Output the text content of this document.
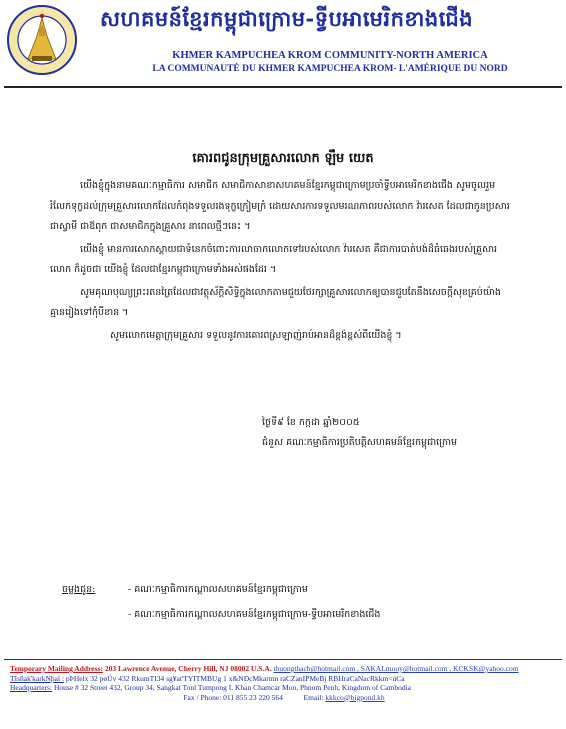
សហគមន៍ខ្មែរកម្ពុជាក្រោម-ទ្វីបអាមេរិកខាងជើង
KHMER KAMPUCHEA KROM COMMUNITY-NORTH AMERICA
LA COMMUNAUTÉ DU KHMER KAMPUCHEA KROM- L'AMÉRIQUE DU NORD
គោរពជូនក្រុមគ្រួសារលោក ឡឹម យេត

យើងខ្ញុំក្នុងនាមគណៈកម្មាធិការ សមាជិក សមាជិកាសាខាសហគមន៍ខ្មែរកម្ពុជាក្រោមប្រចាំទ្វីបអាមេរិកខាងជើង សូមចូលរួមរំលែកទុក្ខដល់ក្រុមគ្រួសារលោកដែលកំពុងទទួលរងទុក្ខក្រៀមក្រំ ដោយសារការទទួលមរណភាពរបស់លោក វ៉ារសេត ដែលជាកូនប្រសារ ជាស្វាមី ជាឪពុក ជាសមាជិកក្នុងគ្រួសារ នាពេលថ្មីៗនេះ ។

យើងខ្ញុំ មានការសោកស្ដាយជាទំនេកចំពោះការលាចាកលោកទៅរបស់លោក វ៉ារសេត គឺជាការបាត់បង់ដ៏ធំធេងរបស់គ្រួសារលោក ក៏ដូចជា យើងខ្ញុំ ដែលជាខ្មែរកម្ពុជាក្រោមទាំងអស់ផងដែរ ។

សូមគុណបុណ្យព្រះរតនត្រៃដែលជាវត្ថុស័ក្តិសិទ្ធិក្នុងលោកតាមជួយថែរក្សាគ្រួសារលោកឲ្យបានជួបតែនឹងសេចក្តីសុខគ្រប់យ៉ាងគ្មានរៀងទៅកុំបីខាន ។

សូមលោកមេត្តាក្រុមគ្រួសារ ទទួលនូវការគោរពស្រឡាញ់រាប់អានដ៏ខ្ពង់ខ្ពស់ពីយើងខ្ញុំ ។

ថ្ងៃទី៩ ខែ កក្កដា ឆ្នាំ២០០៥
ជំនួស គណៈកម្មាធិការប្រតិបត្តិសហគមន៍ខ្មែរកម្ពុជាក្រោម
ចម្លងជូន:	- គណៈកម្មាធិការកណ្ដាលសហគមន៍ខ្មែរកម្ពុជាក្រោម
- គណៈកម្មាធិការកណ្ដាលសហគមន៍ខ្មែរកម្ពុជាក្រោម-ទ្វីបអាមេរិកខាងជើង
Temporary Mailing Address: 203 Lawrence Avenue, Cherry Hill, NJ 08002 U.S.A. thuongthach@hotmail.com , SAKALmouy@hotmail.com , KCKSK@yahoo.com
TIsñak'karkNþal : pÞHelx 32 pøÚv 432 RkumTI34 sg¥at'TYITMBUg 1 x&NÐcMkarmn raCZanIPMeBj RBHraCaNacRkkm<úCa
Headquarters: House # 32 Street 432, Group 34, Sangkat Toul Tumpong I, Khan Chamcar Mon, Phnom Penh, Kingdom of Cambodia
Fax / Phone: 011 855 23 220 564	Email: kkkco@bigpond.kh
